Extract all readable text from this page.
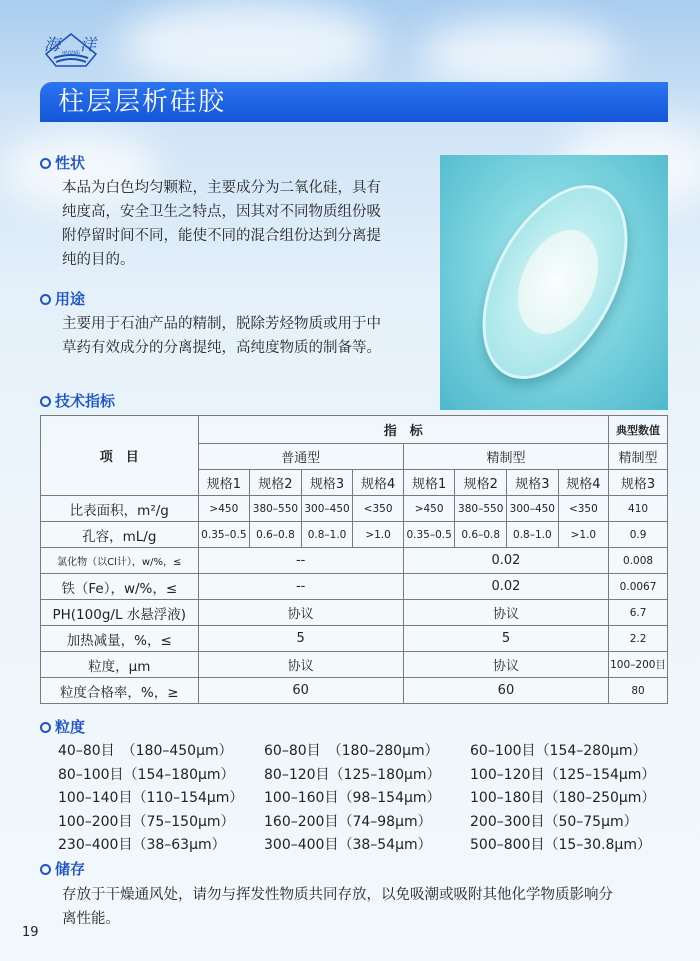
海 洋
HAIYANG
柱层层析硅胶
性状
本品为白色均匀颗粒，主要成分为二氧化硅，具有
纯度高，安全卫生之特点，因其对不同物质组份吸
附停留时间不同，能使不同的混合组份达到分离提
纯的目的。
用途
主要用于石油产品的精制，脱除芳烃物质或用于中
草药有效成分的分离提纯，高纯度物质的制备等。
技术指标
项　目	指　标								典型数值
	普通型				精制型				精制型
	规格1	规格2	规格3	规格4	规格1	规格2	规格3	规格4	规格3
比表面积，m²/g	>450	380–550	300–450	<350	>450	380–550	300–450	<350	410
孔容，mL/g	0.35–0.5	0.6–0.8	0.8–1.0	>1.0	0.35–0.5	0.6–0.8	0.8–1.0	>1.0	0.9
氯化物（以Cl计），w/%，≤	--				0.02				0.008
铁（Fe），w/%，≤	--				0.02				0.0067
PH(100g/L 水悬浮液)	协议				协议				6.7
加热减量，%，≤	5				5				2.2
粒度，μm	协议				协议				100–200目
粒度合格率，%，≥	60				60				80
粒度
40–80目　（180–450μm）	60–80目　（180–280μm）	60–100目（154–280μm）
80–100目（154–180μm）	80–120目（125–180μm）	100–120目（125–154μm）
100–140目（110–154μm）	100–160目（98–154μm）	100–180目（180–250μm）
100–200目（75–150μm）	160–200目（74–98μm）	200–300目（50–75μm）
230–400目（38–63μm）	300–400目（38–54μm）	500–800目（15–30.8μm）
储存
存放于干燥通风处，请勿与挥发性物质共同存放，以免吸潮或吸附其他化学物质影响分
离性能。
19
